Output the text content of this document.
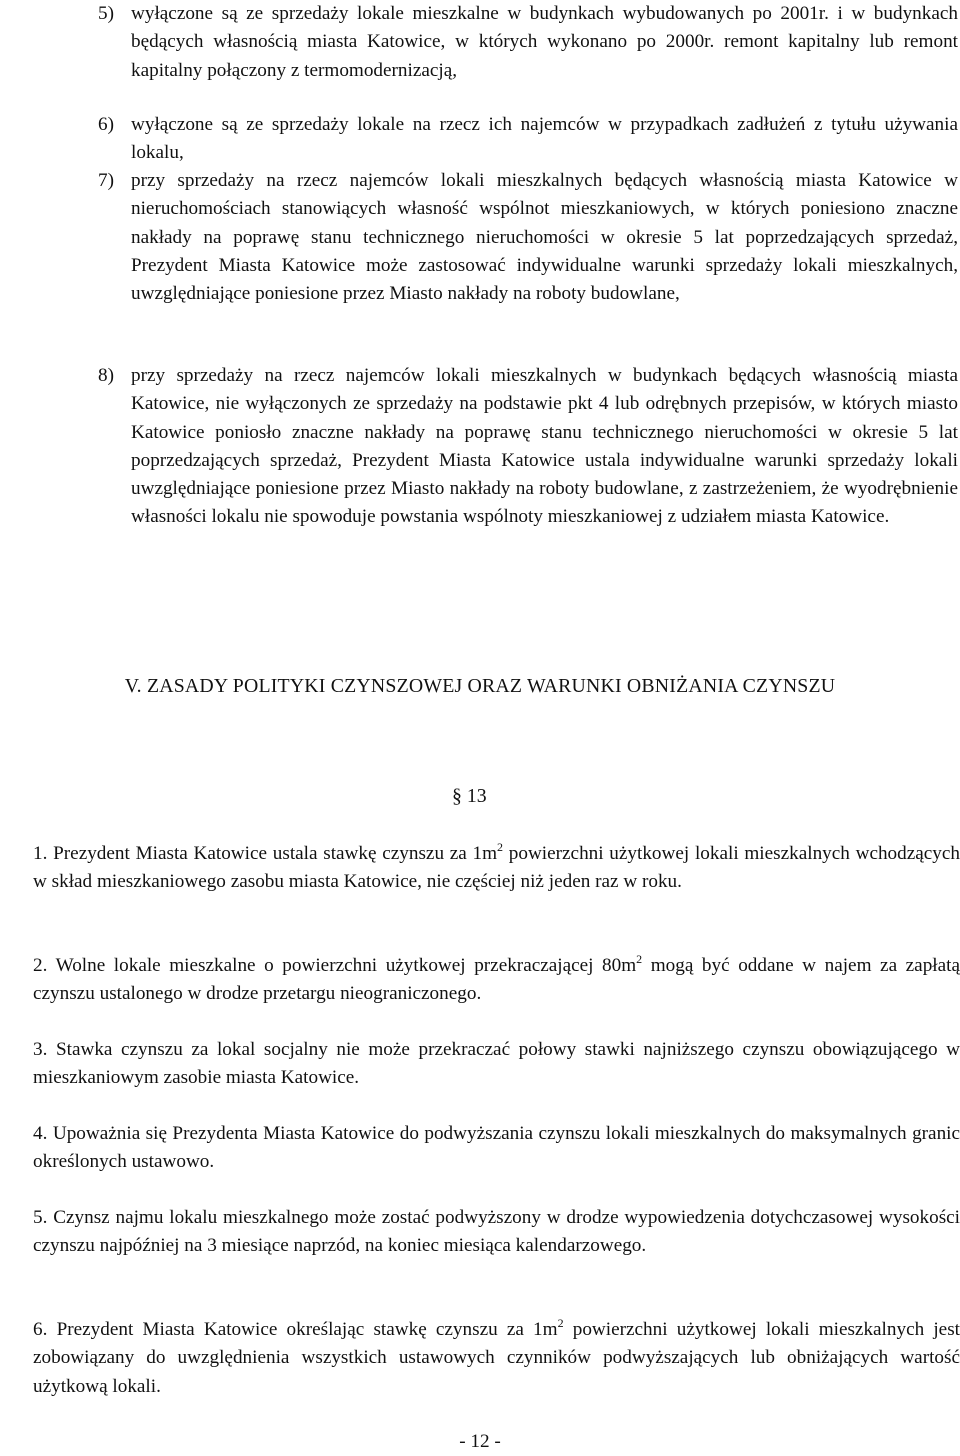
5) wyłączone są ze sprzedaży lokale mieszkalne w budynkach wybudowanych po 2001r. i w budynkach będących własnością miasta Katowice, w których wykonano po 2000r. remont kapitalny lub remont kapitalny połączony z termomodernizacją,
6) wyłączone są ze sprzedaży lokale na rzecz ich najemców w przypadkach zadłużeń z tytułu używania lokalu,
7) przy sprzedaży na rzecz najemców lokali mieszkalnych będących własnością miasta Katowice w nieruchomościach stanowiących własność wspólnot mieszkaniowych, w których poniesiono znaczne nakłady na poprawę stanu technicznego nieruchomości w okresie 5 lat poprzedzających sprzedaż, Prezydent Miasta Katowice może zastosować indywidualne warunki sprzedaży lokali mieszkalnych, uwzględniające poniesione przez Miasto nakłady na roboty budowlane,
8) przy sprzedaży na rzecz najemców lokali mieszkalnych w budynkach będących własnością miasta Katowice, nie wyłączonych ze sprzedaży na podstawie pkt 4 lub odrębnych przepisów, w których miasto Katowice poniosło znaczne nakłady na poprawę stanu technicznego nieruchomości w okresie 5 lat poprzedzających sprzedaż, Prezydent Miasta Katowice ustala indywidualne warunki sprzedaży lokali uwzględniające poniesione przez Miasto nakłady na roboty budowlane, z zastrzeżeniem, że wyodrębnienie własności lokalu nie spowoduje powstania wspólnoty mieszkaniowej z udziałem miasta Katowice.
V. ZASADY POLITYKI CZYNSZOWEJ ORAZ WARUNKI OBNIŻANIA CZYNSZU
§ 13
1. Prezydent Miasta Katowice ustala stawkę czynszu za $1m^2$ powierzchni użytkowej lokali mieszkalnych wchodzących w skład mieszkaniowego zasobu miasta Katowice, nie częściej niż jeden raz w roku.
2. Wolne lokale mieszkalne o powierzchni użytkowej przekraczającej $80m^2$ mogą być oddane w najem za zapłatą czynszu ustalonego w drodze przetargu nieograniczonego.
3. Stawka czynszu za lokal socjalny nie może przekraczać połowy stawki najniższego czynszu obowiązującego w mieszkaniowym zasobie miasta Katowice.
4. Upoważnia się Prezydenta Miasta Katowice do podwyższania czynszu lokali mieszkalnych do maksymalnych granic określonych ustawowo.
5. Czynsz najmu lokalu mieszkalnego może zostać podwyższony w drodze wypowiedzenia dotychczasowej wysokości czynszu najpóźniej na 3 miesiące naprzód, na koniec miesiąca kalendarzowego.
6. Prezydent Miasta Katowice określając stawkę czynszu za $1m^2$ powierzchni użytkowej lokali mieszkalnych jest zobowiązany do uwzględnienia wszystkich ustawowych czynników podwyższających lub obniżających wartość użytkową lokali.
- 12 -
